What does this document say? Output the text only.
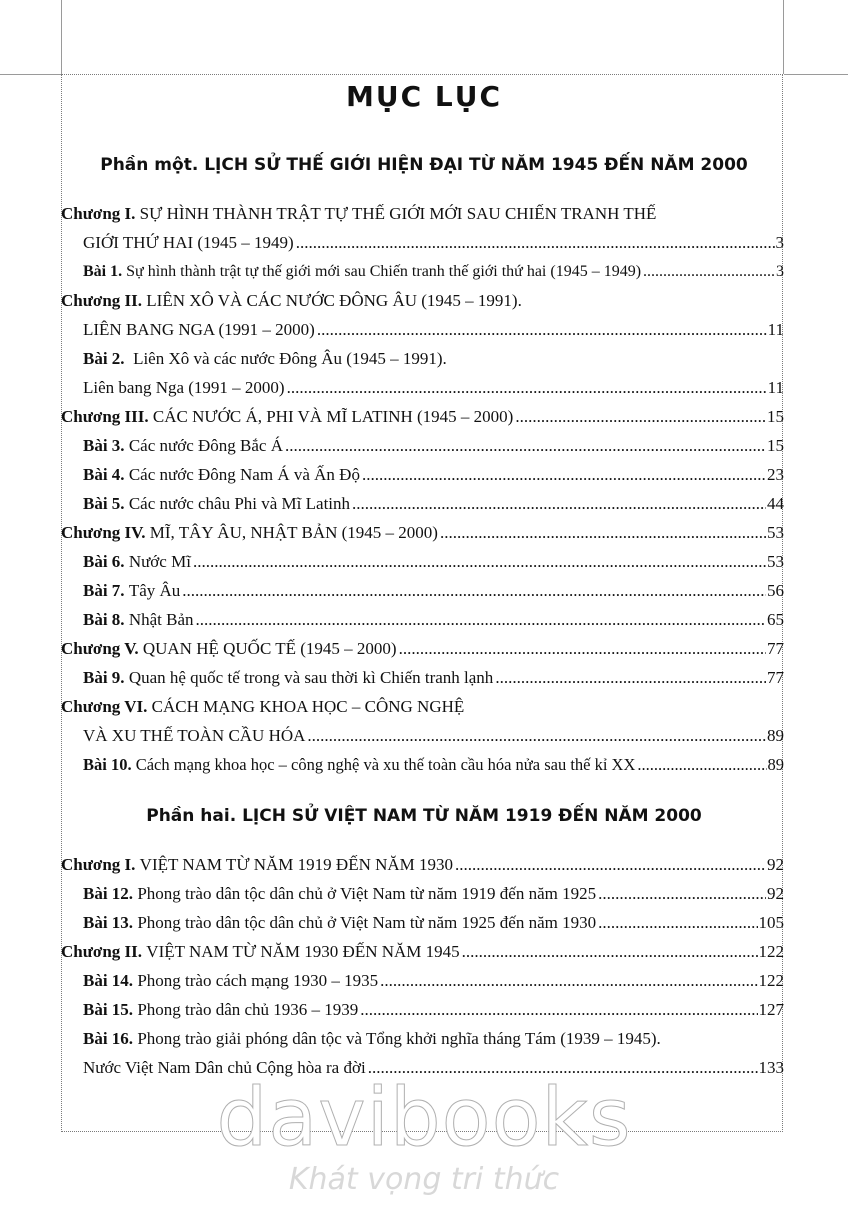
MỤC LỤC
Phần một. LỊCH SỬ THẾ GIỚI HIỆN ĐẠI TỪ NĂM 1945 ĐẾN NĂM 2000
Chương I.
SỰ HÌNH THÀNH TRẬT TỰ THẾ GIỚI MỚI SAU CHIẾN TRANH THẾ
GIỚI THỨ HAI (1945 – 1949) .....	3
Bài 1.
Sự hình thành trật tự thế giới mới sau Chiến tranh thế giới thứ hai (1945 – 1949) .....	3
Chương II.
LIÊN XÔ VÀ CÁC NƯỚC ĐÔNG ÂU (1945 – 1991).
LIÊN BANG NGA (1991 – 2000) .....	11
Bài 2.
Liên Xô và các nước Đông Âu (1945 – 1991).
Liên bang Nga (1991 – 2000) .....	11
Chương III.
CÁC NƯỚC Á, PHI VÀ MĨ LATINH (1945 – 2000) .....	15
Bài 3.
Các nước Đông Bắc Á .....	15
Bài 4.
Các nước Đông Nam Á và Ấn Độ .....	23
Bài 5.
Các nước châu Phi và Mĩ Latinh .....	44
Chương IV.
MĨ, TÂY ÂU, NHẬT BẢN (1945 – 2000) .....	53
Bài 6.
Nước Mĩ .....	53
Bài 7.
Tây Âu .....	56
Bài 8.
Nhật Bản .....	65
Chương V.
QUAN HỆ QUỐC TẾ (1945 – 2000) .....	77
Bài 9.
Quan hệ quốc tế trong và sau thời kì Chiến tranh lạnh .....	77
Chương VI.
CÁCH MẠNG KHOA HỌC – CÔNG NGHỆ
VÀ XU THẾ TOÀN CẦU HÓA .....	89
Bài 10.
Cách mạng khoa học – công nghệ và xu thế toàn cầu hóa nửa sau thế kỉ XX .....	89
Phần hai. LỊCH SỬ VIỆT NAM TỪ NĂM 1919 ĐẾN NĂM 2000
Chương I.
VIỆT NAM TỪ NĂM 1919 ĐẾN NĂM 1930 .....	92
Bài 12.
Phong trào dân tộc dân chủ ở Việt Nam từ năm 1919 đến năm 1925 .....	92
Bài 13.
Phong trào dân tộc dân chủ ở Việt Nam từ năm 1925 đến năm 1930 .....	105
Chương II.
VIỆT NAM TỪ NĂM 1930 ĐẾN NĂM 1945 .....	122
Bài 14.
Phong trào cách mạng 1930 – 1935 .....	122
Bài 15.
Phong trào dân chủ 1936 – 1939 .....	127
Bài 16.
Phong trào giải phóng dân tộc và Tổng khởi nghĩa tháng Tám (1939 – 1945).
Nước Việt Nam Dân chủ Cộng hòa ra đời .....	133
davibooks
Khát vọng tri thức
